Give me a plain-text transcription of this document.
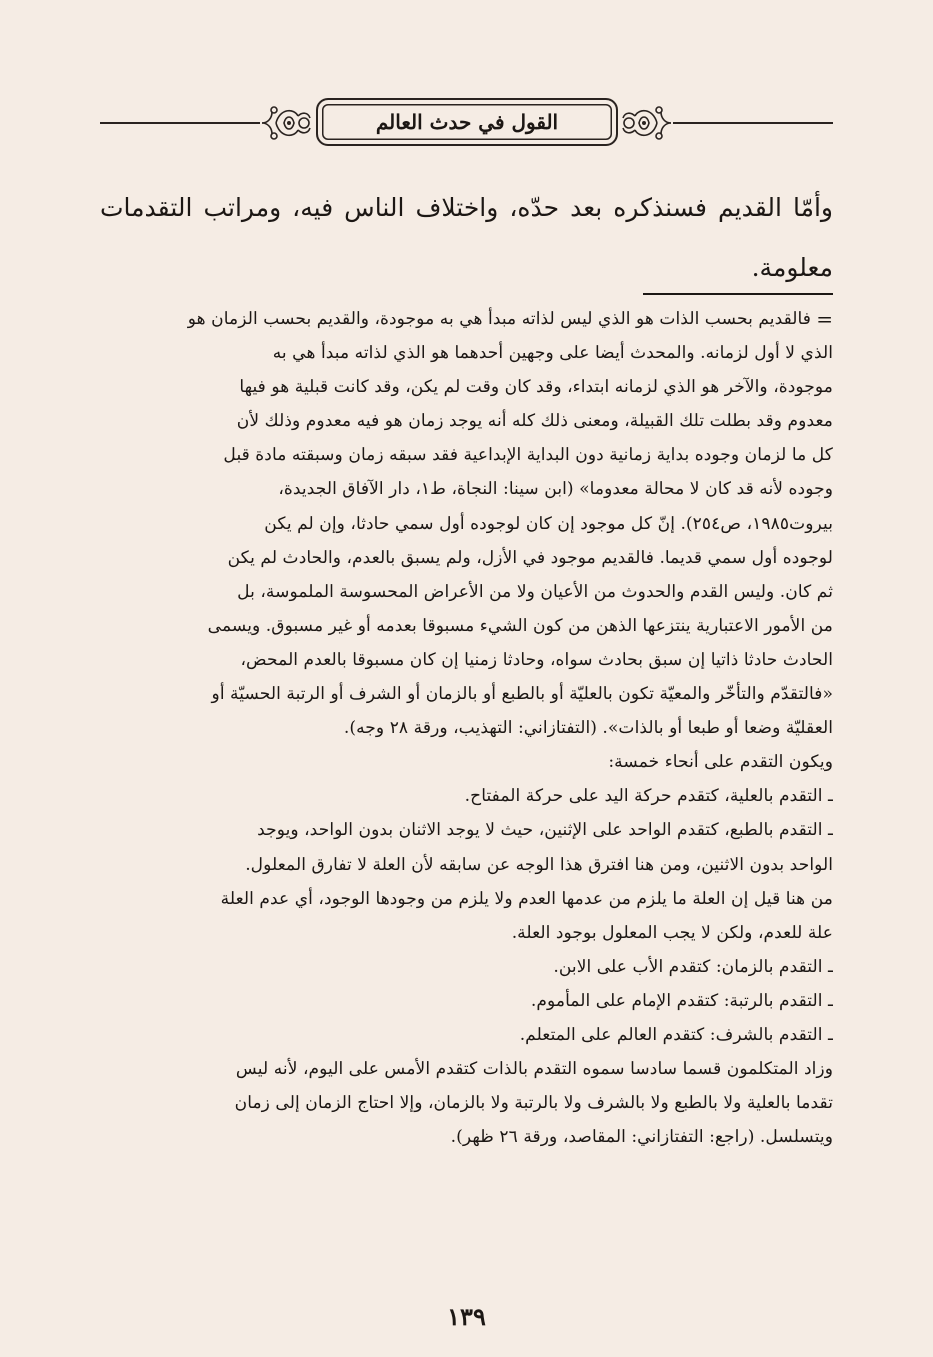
القول في حدث العالم
وأمّا القديم فسنذكره بعد حدّه، واختلاف الناس فيه، ومراتب التقدمات معلومة.
=
فالقديم بحسب الذات هو الذي ليس لذاته مبدأ هي به موجودة، والقديم بحسب الزمان هو
الذي لا أول لزمانه. والمحدث أيضا على وجهين أحدهما هو الذي لذاته مبدأ هي به
موجودة، والآخر هو الذي لزمانه ابتداء، وقد كان وقت لم يكن، وقد كانت قبلية هو فيها
معدوم وقد بطلت تلك القبيلة، ومعنى ذلك كله أنه يوجد زمان هو فيه معدوم وذلك لأن
كل ما لزمان وجوده بداية زمانية دون البداية الإبداعية فقد سبقه زمان وسبقته مادة قبل
وجوده لأنه قد كان لا محالة معدوما» (ابن سينا: النجاة، ط١، دار الآفاق الجديدة،
بيروت١٩٨٥، ص٢٥٤). إنّ كل موجود إن كان لوجوده أول سمي حادثا، وإن لم يكن
لوجوده أول سمي قديما. فالقديم موجود في الأزل، ولم يسبق بالعدم، والحادث لم يكن
ثم كان. وليس القدم والحدوث من الأعيان ولا من الأعراض المحسوسة الملموسة، بل
من الأمور الاعتبارية ينتزعها الذهن من كون الشيء مسبوقا بعدمه أو غير مسبوق. ويسمى
الحادث حادثا ذاتيا إن سبق بحادث سواه، وحادثا زمنيا إن كان مسبوقا بالعدم المحض،
«فالتقدّم والتأخّر والمعيّة تكون بالعليّة أو بالطبع أو بالزمان أو الشرف أو الرتبة الحسيّة أو
العقليّة وضعا أو طبعا أو بالذات». (التفتازاني: التهذيب، ورقة ٢٨ وجه).
ويكون التقدم على أنحاء خمسة:
ـ التقدم بالعلية، كتقدم حركة اليد على حركة المفتاح.
ـ التقدم بالطبع، كتقدم الواحد على الإثنين، حيث لا يوجد الاثنان بدون الواحد، ويوجد
الواحد بدون الاثنين، ومن هنا افترق هذا الوجه عن سابقه لأن العلة لا تفارق المعلول.
من هنا قيل إن العلة ما يلزم من عدمها العدم ولا يلزم من وجودها الوجود، أي عدم العلة
علة للعدم، ولكن لا يجب المعلول بوجود العلة.
ـ التقدم بالزمان: كتقدم الأب على الابن.
ـ التقدم بالرتبة: كتقدم الإمام على المأموم.
ـ التقدم بالشرف: كتقدم العالم على المتعلم.
وزاد المتكلمون قسما سادسا سموه التقدم بالذات كتقدم الأمس على اليوم، لأنه ليس
تقدما بالعلية ولا بالطبع ولا بالشرف ولا بالرتبة ولا بالزمان، وإلا احتاج الزمان إلى زمان
ويتسلسل. (راجع: التفتازاني: المقاصد، ورقة ٢٦ ظهر).
١٣٩
